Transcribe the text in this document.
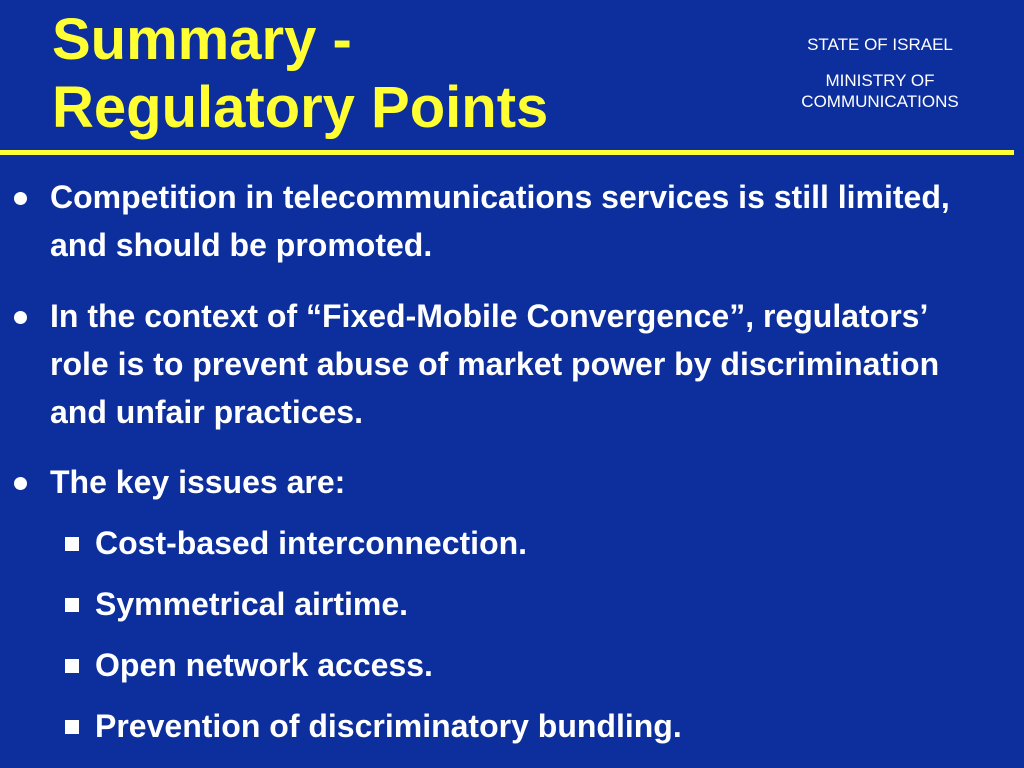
Summary -
Regulatory Points
STATE OF ISRAEL
MINISTRY OF COMMUNICATIONS
Competition in telecommunications services is still limited, and should be promoted.
In the context of “Fixed-Mobile Convergence”, regulators’ role is to prevent abuse of market power by discrimination and unfair practices.
The key issues are:
Cost-based interconnection.
Symmetrical airtime.
Open network access.
Prevention of discriminatory bundling.
